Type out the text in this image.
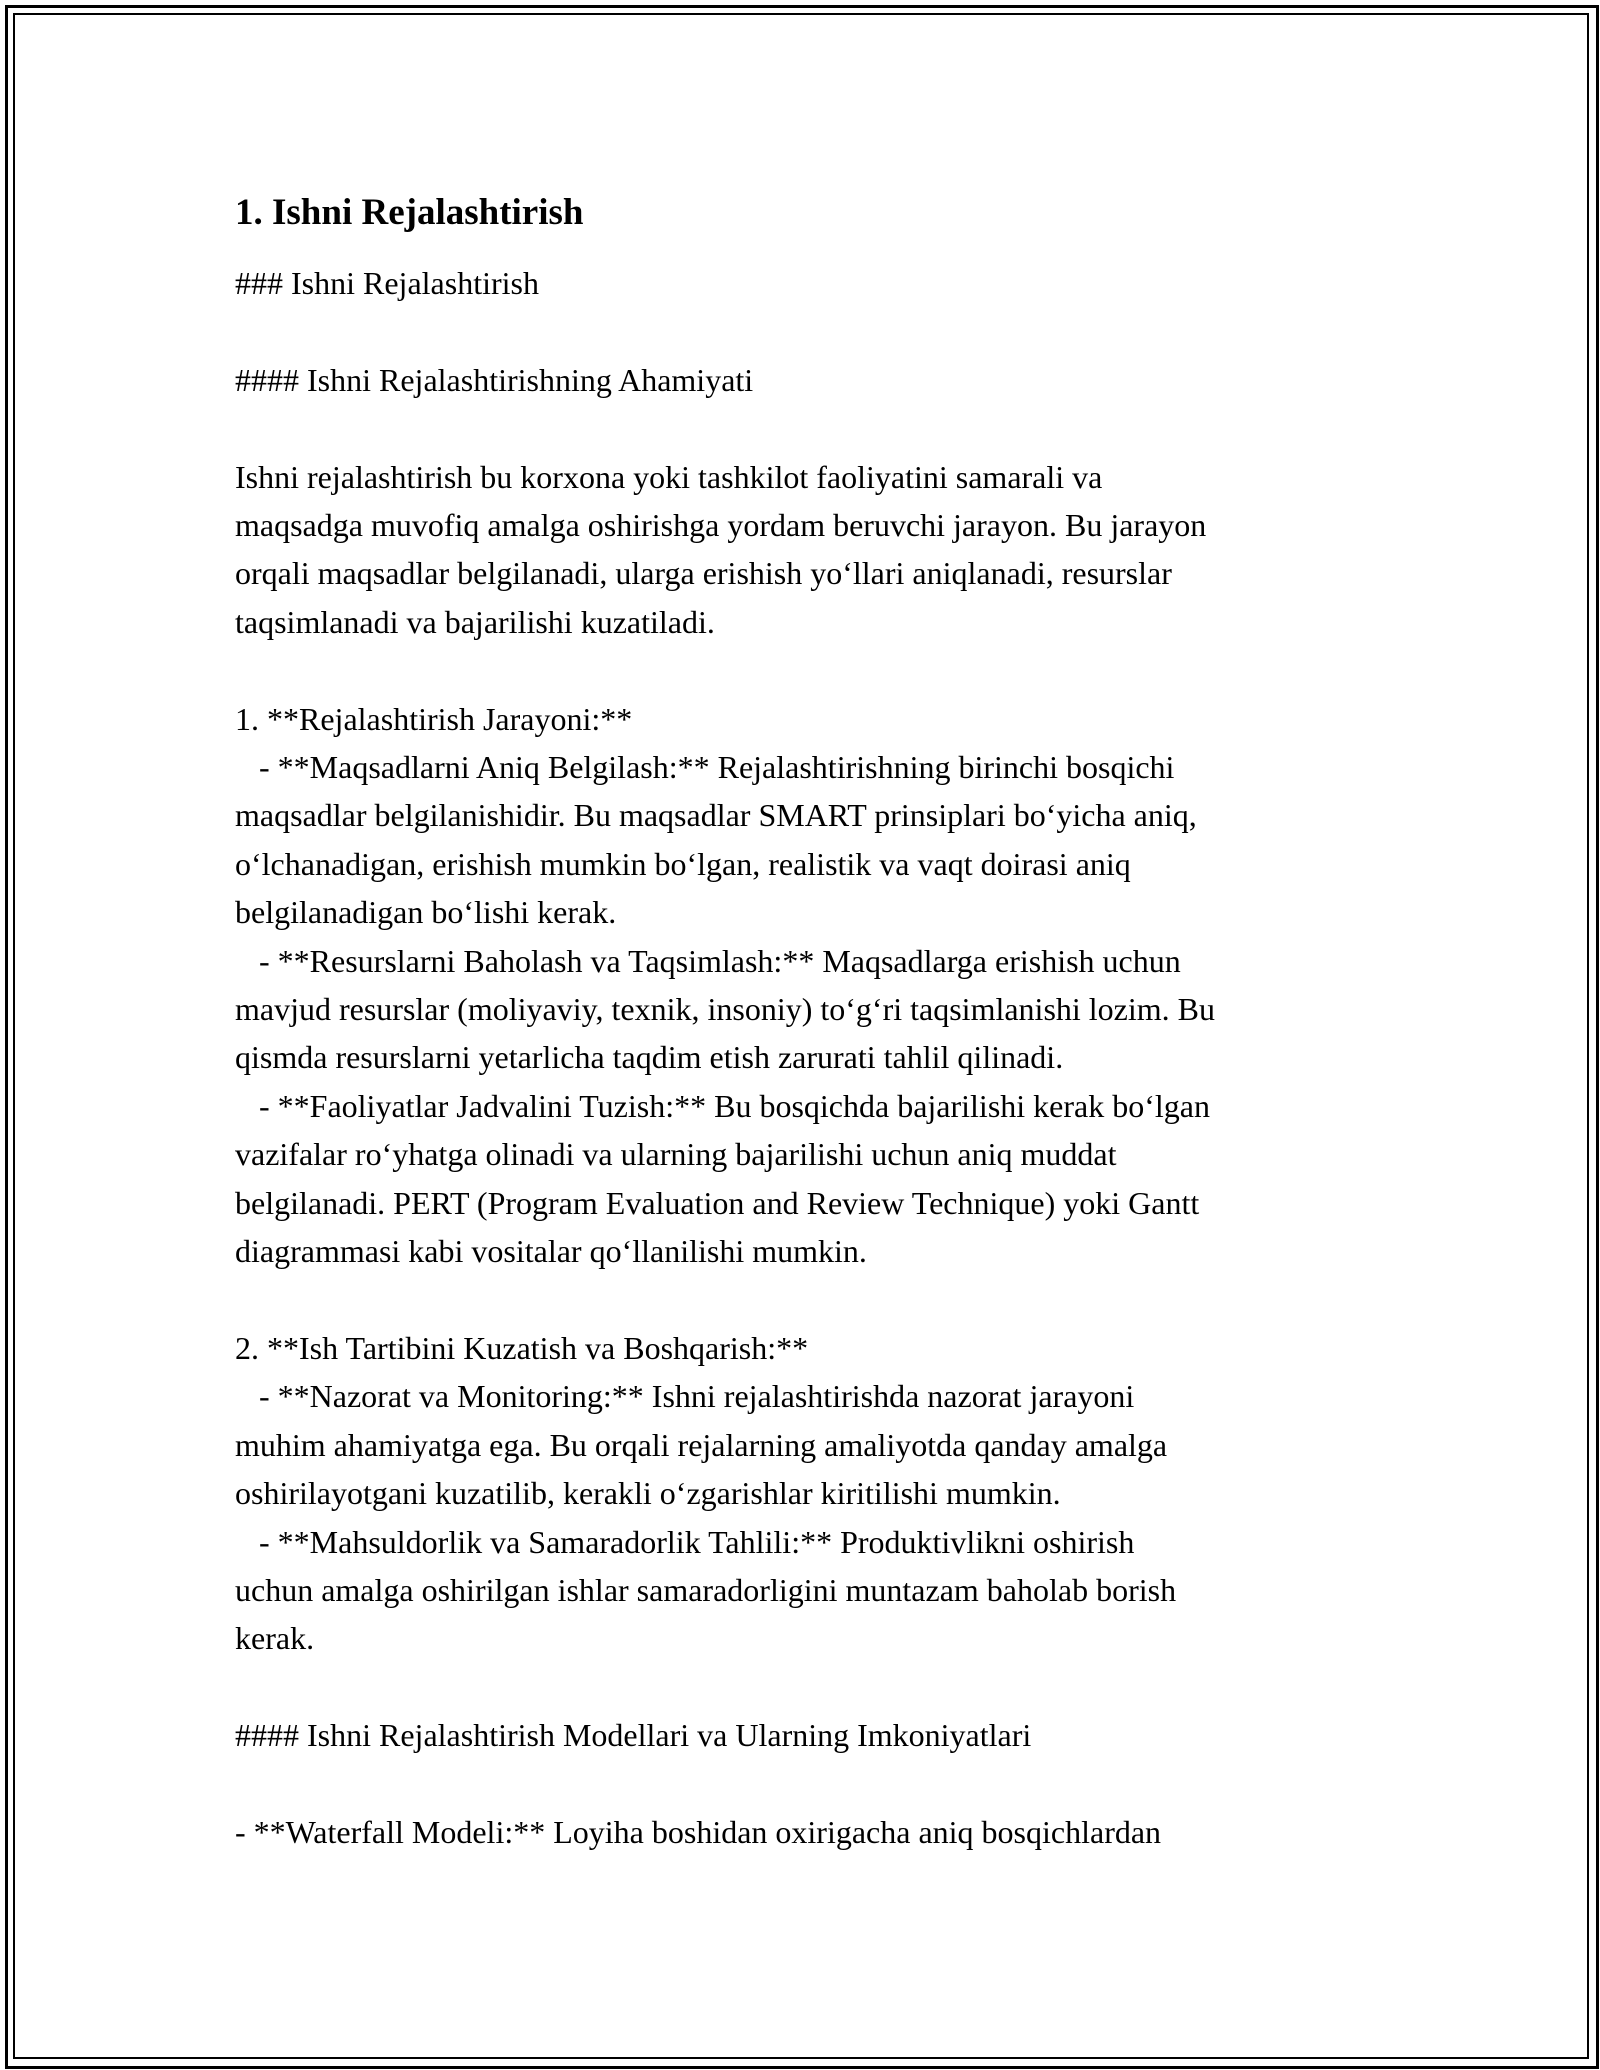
1. Ishni Rejalashtirish
### Ishni Rejalashtirish
#### Ishni Rejalashtirishning Ahamiyati
Ishni rejalashtirish bu korxona yoki tashkilot faoliyatini samarali va
maqsadga muvofiq amalga oshirishga yordam beruvchi jarayon. Bu jarayon
orqali maqsadlar belgilanadi, ularga erishish yo‘llari aniqlanadi, resurslar
taqsimlanadi va bajarilishi kuzatiladi.
1. **Rejalashtirish Jarayoni:**
- **Maqsadlarni Aniq Belgilash:** Rejalashtirishning birinchi bosqichi
maqsadlar belgilanishidir. Bu maqsadlar SMART prinsiplari bo‘yicha aniq,
o‘lchanadigan, erishish mumkin bo‘lgan, realistik va vaqt doirasi aniq
belgilanadigan bo‘lishi kerak.
- **Resurslarni Baholash va Taqsimlash:** Maqsadlarga erishish uchun
mavjud resurslar (moliyaviy, texnik, insoniy) to‘g‘ri taqsimlanishi lozim. Bu
qismda resurslarni yetarlicha taqdim etish zarurati tahlil qilinadi.
- **Faoliyatlar Jadvalini Tuzish:** Bu bosqichda bajarilishi kerak bo‘lgan
vazifalar ro‘yhatga olinadi va ularning bajarilishi uchun aniq muddat
belgilanadi. PERT (Program Evaluation and Review Technique) yoki Gantt
diagrammasi kabi vositalar qo‘llanilishi mumkin.
2. **Ish Tartibini Kuzatish va Boshqarish:**
- **Nazorat va Monitoring:** Ishni rejalashtirishda nazorat jarayoni
muhim ahamiyatga ega. Bu orqali rejalarning amaliyotda qanday amalga
oshirilayotgani kuzatilib, kerakli o‘zgarishlar kiritilishi mumkin.
- **Mahsuldorlik va Samaradorlik Tahlili:** Produktivlikni oshirish
uchun amalga oshirilgan ishlar samaradorligini muntazam baholab borish
kerak.
#### Ishni Rejalashtirish Modellari va Ularning Imkoniyatlari
- **Waterfall Modeli:** Loyiha boshidan oxirigacha aniq bosqichlardan
